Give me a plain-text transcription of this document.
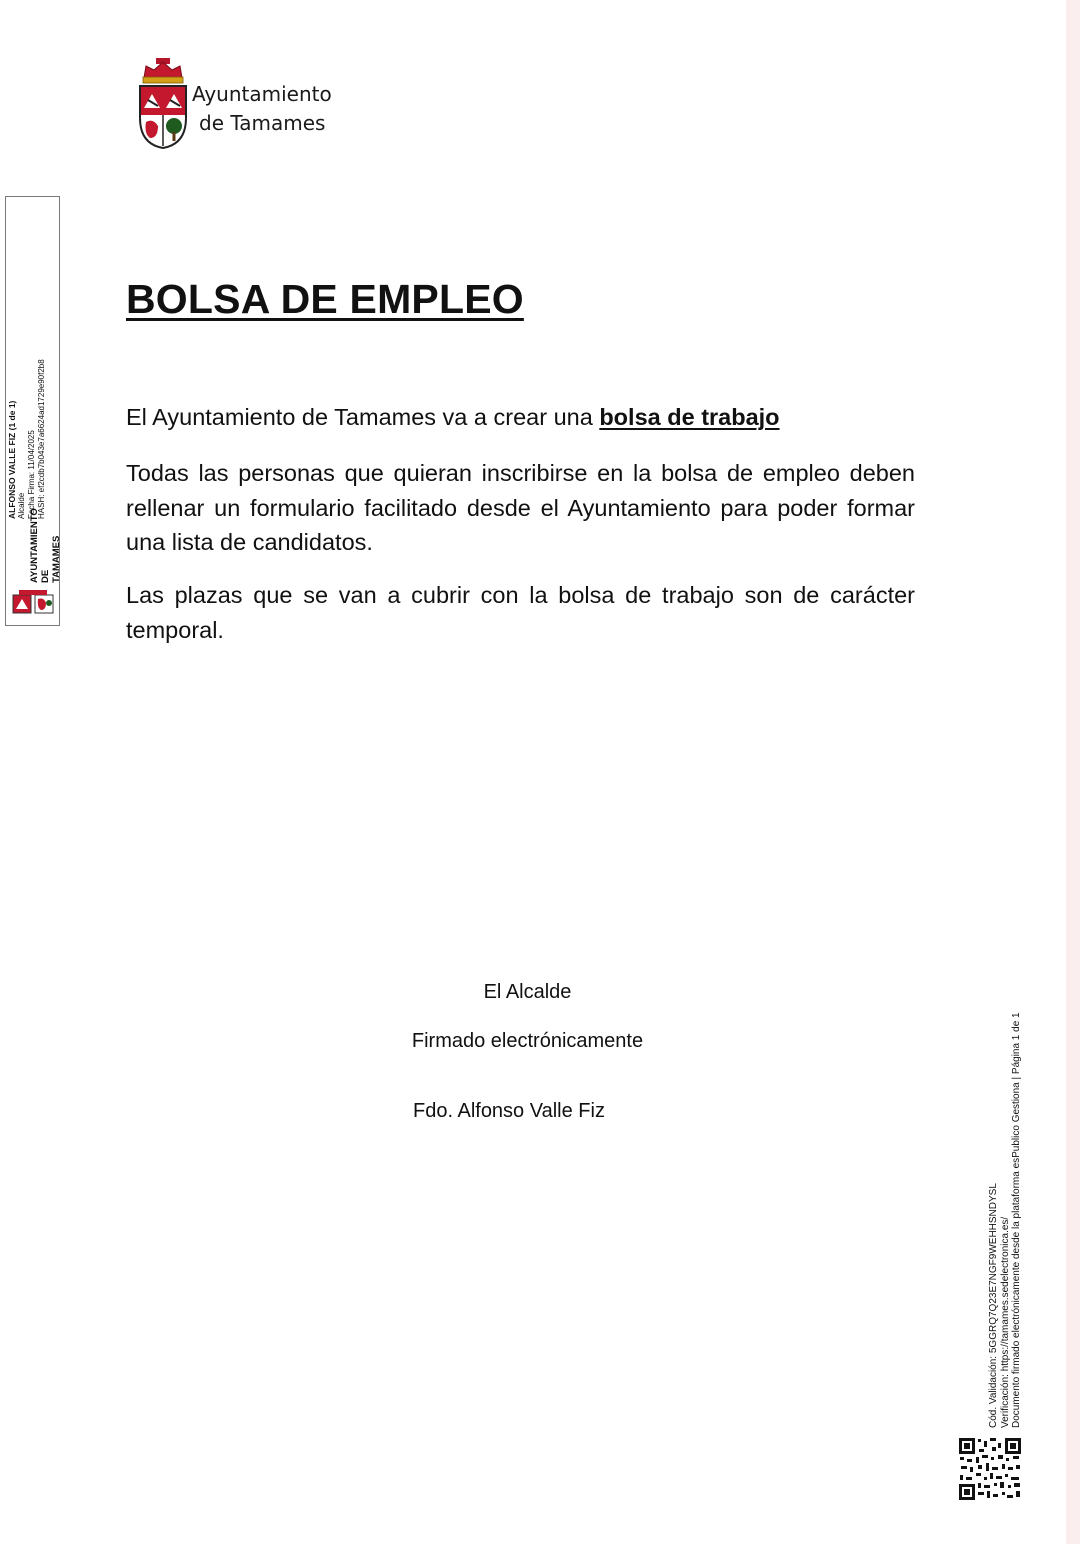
Ayuntamiento
de Tamames
AYUNTAMIENTO DE TAMAMES
ALFONSO VALLE FIZ (1 de 1) Alcalde Fecha Firma: 11/04/2025 HASH: ef2cdb7b043e7a6624ad1729e90f2b8
BOLSA DE EMPLEO

El Ayuntamiento de Tamames va a crear una bolsa de trabajo

Todas las personas que quieran inscribirse en la bolsa de empleo deben rellenar un formulario facilitado desde el Ayuntamiento para poder formar una lista de candidatos.

Las plazas que se van a cubrir con la bolsa de trabajo son de carácter temporal.

El Alcalde

Firmado electrónicamente

Fdo. Alfonso Valle Fiz

Cód. Validación: 5GGRQ7Q23E7NGF9WEHHSNDYSL Verificación: https://tamames.sedelectronica.es/ Documento firmado electrónicamente desde la plataforma esPublico Gestiona | Página 1 de 1
